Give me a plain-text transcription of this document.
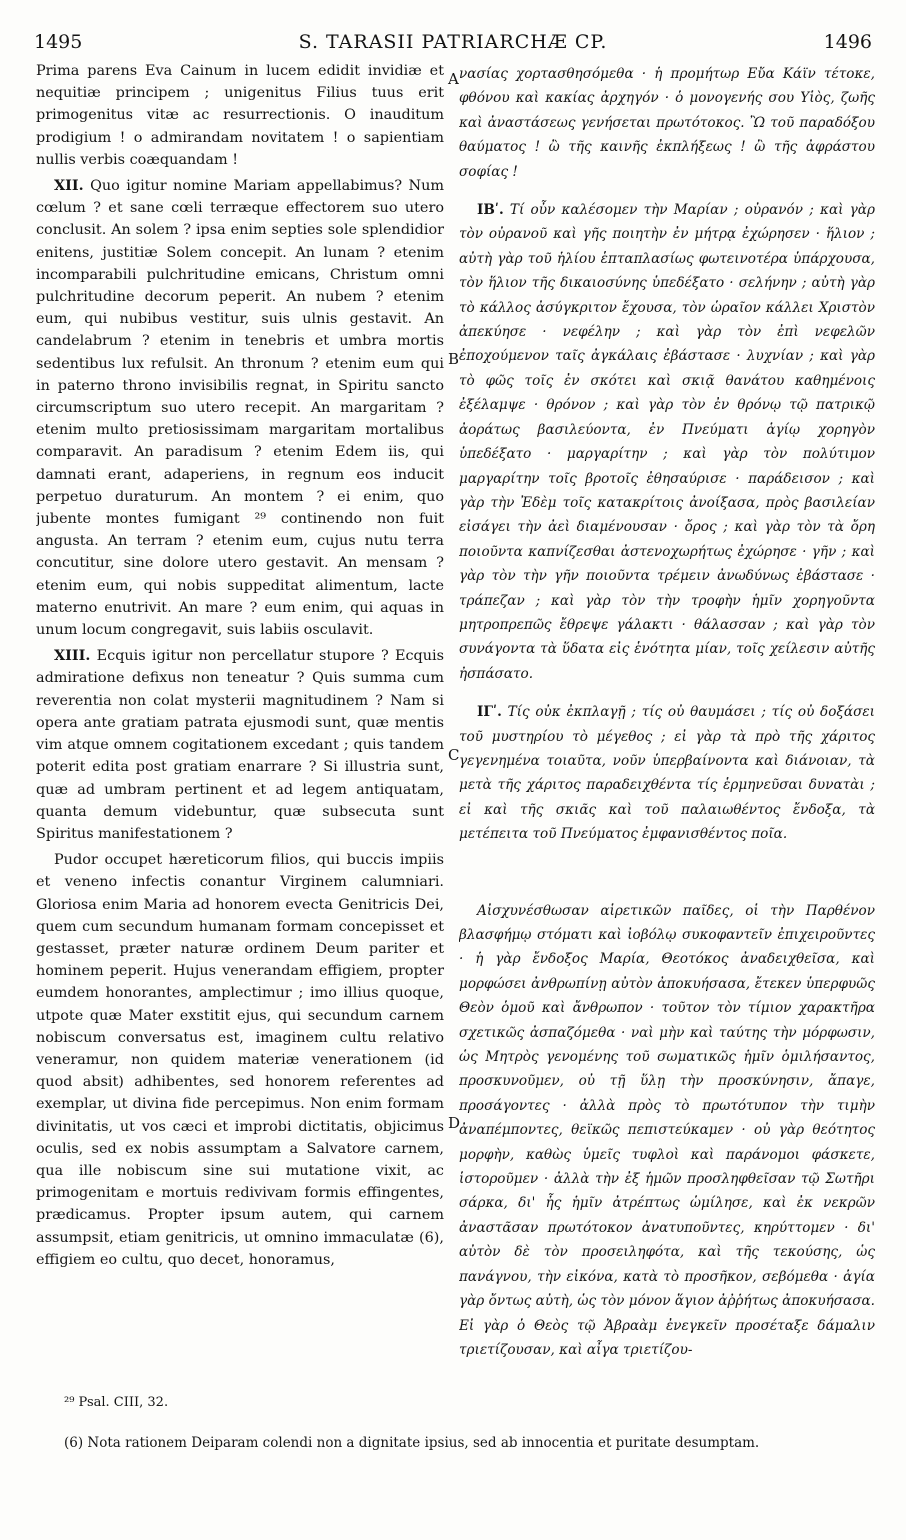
1495	S. TARASII PATRIARCHÆ CP.	1496

Prima parens Eva Cainum in lucem edidit invidiæ et nequitiæ principem ; unigenitus Filius tuus erit primogenitus vitæ ac resurrectionis. O inauditum prodigium ! o admirandam novitatem ! o sapientiam nullis verbis coæquandam !

XII. Quo igitur nomine Mariam appellabimus? Num cœlum ? et sane cœli terræque effectorem suo utero conclusit. An solem ? ipsa enim septies sole splendidior enitens, justitiæ Solem concepit. An lunam ? etenim incomparabili pulchritudine emicans, Christum omni pulchritudine decorum peperit. An nubem ? etenim eum, qui nubibus vestitur, suis ulnis gestavit. An candelabrum ? etenim in tenebris et umbra mortis sedentibus lux refulsit. An thronum ? etenim eum qui in paterno throno invisibilis regnat, in Spiritu sancto circumscriptum suo utero recepit. An margaritam ? etenim multo pretiosissimam margaritam mortalibus comparavit. An paradisum ? etenim Edem iis, qui damnati erant, adaperiens, in regnum eos inducit perpetuo duraturum. An montem ? ei enim, quo jubente montes fumigant ²⁹ continendo non fuit angusta. An terram ? etenim eum, cujus nutu terra concutitur, sine dolore utero gestavit. An mensam ? etenim eum, qui nobis suppeditat alimentum, lacte materno enutrivit. An mare ? eum enim, qui aquas in unum locum congregavit, suis labiis osculavit.

XIII. Ecquis igitur non percellatur stupore ? Ecquis admiratione defixus non teneatur ? Quis summa cum reverentia non colat mysterii magnitudinem ? Nam si opera ante gratiam patrata ejusmodi sunt, quæ mentis vim atque omnem cogitationem excedant ; quis tandem poterit edita post gratiam enarrare ? Si illustria sunt, quæ ad umbram pertinent et ad legem antiquatam, quanta demum videbuntur, quæ subsecuta sunt Spiritus manifestationem ?

Pudor occupet hæreticorum filios, qui buccis impiis et veneno infectis conantur Virginem calumniari. Gloriosa enim Maria ad honorem evecta Genitricis Dei, quem cum secundum humanam formam concepisset et gestasset, præter naturæ ordinem Deum pariter et hominem peperit. Hujus venerandam effigiem, propter eumdem honorantes, amplectimur ; imo illius quoque, utpote quæ Mater exstitit ejus, qui secundum carnem nobiscum conversatus est, imaginem cultu relativo veneramur, non quidem materiæ venerationem (id quod absit) adhibentes, sed honorem referentes ad exemplar, ut divina fide percepimus. Non enim formam divinitatis, ut vos cæci et improbi dictitatis, objicimus oculis, sed ex nobis assumptam a Salvatore carnem, qua ille nobiscum sine sui mutatione vixit, ac primogenitam e mortuis redivivam formis effingentes, prædicamus. Propter ipsum autem, qui carnem assumpsit, etiam genitricis, ut omnino immaculatæ (6), effigiem eo cultu, quo decet, honoramus,

A
B
C
D

νασίας χορτασθησόμεθα · ἡ προμήτωρ Εὔα Κάϊν τέτοκε, φθόνου καὶ κακίας ἀρχηγόν · ὁ μονογενής σου Υἱὸς, ζωῆς καὶ ἀναστάσεως γενήσεται πρωτότοκος. Ὢ τοῦ παραδόξου θαύματος ! ὢ τῆς καινῆς ἐκπλήξεως ! ὢ τῆς ἀφράστου σοφίας !

ΙΒʹ. Τί οὖν καλέσομεν τὴν Μαρίαν ; οὐρανόν ; καὶ γὰρ τὸν οὐρανοῦ καὶ γῆς ποιητὴν ἐν μήτρᾳ ἐχώρησεν · ἥλιον ; αὐτὴ γὰρ τοῦ ἡλίου ἑπταπλασίως φωτεινοτέρα ὑπάρχουσα, τὸν ἥλιον τῆς δικαιοσύνης ὑπεδέξατο · σελήνην ; αὐτὴ γὰρ τὸ κάλλος ἀσύγκριτον ἔχουσα, τὸν ὡραῖον κάλλει Χριστὸν ἀπεκύησε · νεφέλην ; καὶ γὰρ τὸν ἐπὶ νεφελῶν ἐποχούμενον ταῖς ἀγκάλαις ἐβάστασε · λυχνίαν ; καὶ γὰρ τὸ φῶς τοῖς ἐν σκότει καὶ σκιᾷ θανάτου καθημένοις ἐξέλαμψε · θρόνον ; καὶ γὰρ τὸν ἐν θρόνῳ τῷ πατρικῷ ἀοράτως βασιλεύοντα, ἐν Πνεύματι ἁγίῳ χορηγὸν ὑπεδέξατο · μαργαρίτην ; καὶ γὰρ τὸν πολύτιμον μαργαρίτην τοῖς βροτοῖς ἐθησαύρισε · παράδεισον ; καὶ γὰρ τὴν Ἐδὲμ τοῖς κατακρίτοις ἀνοίξασα, πρὸς βασιλείαν εἰσάγει τὴν ἀεὶ διαμένουσαν · ὄρος ; καὶ γὰρ τὸν τὰ ὄρη ποιοῦντα καπνίζεσθαι ἀστενοχωρήτως ἐχώρησε · γῆν ; καὶ γὰρ τὸν τὴν γῆν ποιοῦντα τρέμειν ἀνωδύνως ἐβάστασε · τράπεζαν ; καὶ γὰρ τὸν τὴν τροφὴν ἡμῖν χορηγοῦντα μητροπρεπῶς ἔθρεψε γάλακτι · θάλασσαν ; καὶ γὰρ τὸν συνάγοντα τὰ ὕδατα εἰς ἑνότητα μίαν, τοῖς χείλεσιν αὐτῆς ἠσπάσατο.

ΙΓʹ. Τίς οὐκ ἐκπλαγῇ ; τίς οὐ θαυμάσει ; τίς οὐ δοξάσει τοῦ μυστηρίου τὸ μέγεθος ; εἰ γὰρ τὰ πρὸ τῆς χάριτος γεγενημένα τοιαῦτα, νοῦν ὑπερβαίνοντα καὶ διάνοιαν, τὰ μετὰ τῆς χάριτος παραδειχθέντα τίς ἑρμηνεῦσαι δυνατὰι ; εἰ καὶ τῆς σκιᾶς καὶ τοῦ παλαιωθέντος ἔνδοξα, τὰ μετέπειτα τοῦ Πνεύματος ἐμφανισθέντος ποῖα.

Αἰσχυνέσθωσαν αἱρετικῶν παῖδες, οἱ τὴν Παρθένον βλασφήμῳ στόματι καὶ ἰοβόλῳ συκοφαντεῖν ἐπιχειροῦντες · ἡ γὰρ ἔνδοξος Μαρία, Θεοτόκος ἀναδειχθεῖσα, καὶ μορφώσει ἀνθρωπίνῃ αὐτὸν ἀποκυήσασα, ἔτεκεν ὑπερφυῶς Θεὸν ὁμοῦ καὶ ἄνθρωπον · τοῦτον τὸν τίμιον χαρακτῆρα σχετικῶς ἀσπαζόμεθα · ναὶ μὴν καὶ ταύτης τὴν μόρφωσιν, ὡς Μητρὸς γενομένης τοῦ σωματικῶς ἡμῖν ὁμιλήσαντος, προσκυνοῦμεν, οὐ τῇ ὕλῃ τὴν προσκύνησιν, ἄπαγε, προσάγοντες · ἀλλὰ πρὸς τὸ πρωτότυπον τὴν τιμὴν ἀναπέμποντες, θεϊκῶς πεπιστεύκαμεν · οὐ γὰρ θεότητος μορφὴν, καθὼς ὑμεῖς τυφλοὶ καὶ παράνομοι φάσκετε, ἱστοροῦμεν · ἀλλὰ τὴν ἐξ ἡμῶν προσληφθεῖσαν τῷ Σωτῆρι σάρκα, δι' ἧς ἡμῖν ἀτρέπτως ὡμίλησε, καὶ ἐκ νεκρῶν ἀναστᾶσαν πρωτότοκον ἀνατυποῦντες, κηρύττομεν · δι' αὐτὸν δὲ τὸν προσειληφότα, καὶ τῆς τεκούσης, ὡς πανάγνου, τὴν εἰκόνα, κατὰ τὸ προσῆκον, σεβόμεθα · ἁγία γὰρ ὄντως αὐτὴ, ὡς τὸν μόνον ἅγιον ἀῤῥήτως ἀποκυήσασα. Εἰ γὰρ ὁ Θεὸς τῷ Ἀβραὰμ ἐνεγκεῖν προσέταξε δάμαλιν τριετίζουσαν, καὶ αἶγα τριετίζου-

²⁹ Psal. CIII, 32.
(6) Nota rationem Deiparam colendi non a dignitate ipsius, sed ab innocentia et puritate desumptam.
